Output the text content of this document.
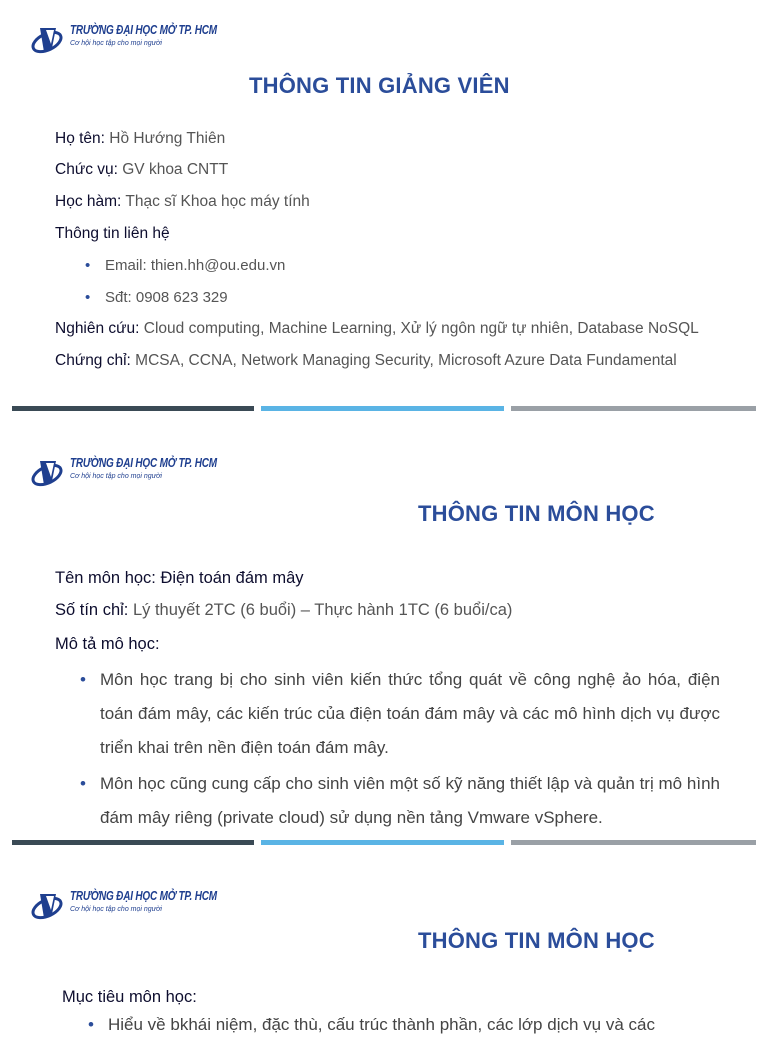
TRƯỜNG ĐẠI HỌC MỞ TP. HCM
Cơ hội học tập cho mọi người
THÔNG TIN GIẢNG VIÊN
Họ tên: Hồ Hướng Thiên
Chức vụ: GV khoa CNTT
Học hàm: Thạc sĩ Khoa học máy tính
Thông tin liên hệ
• Email: thien.hh@ou.edu.vn
• Sđt: 0908 623 329
Nghiên cứu: Cloud computing, Machine Learning, Xử lý ngôn ngữ tự nhiên, Database NoSQL
Chứng chỉ: MCSA, CCNA, Network Managing Security, Microsoft Azure Data Fundamental
TRƯỜNG ĐẠI HỌC MỞ TP. HCM
Cơ hội học tập cho mọi người
THÔNG TIN MÔN HỌC
Tên môn học: Điện toán đám mây
Số tín chỉ: Lý thuyết 2TC (6 buổi) – Thực hành 1TC (6 buổi/ca)
Mô tả mô học:
• Môn học trang bị cho sinh viên kiến thức tổng quát về công nghệ ảo hóa, điện toán đám mây, các kiến trúc của điện toán đám mây và các mô hình dịch vụ được triển khai trên nền điện toán đám mây.
• Môn học cũng cung cấp cho sinh viên một số kỹ năng thiết lập và quản trị mô hình đám mây riêng (private cloud) sử dụng nền tảng Vmware vSphere.
TRƯỜNG ĐẠI HỌC MỞ TP. HCM
Cơ hội học tập cho mọi người
THÔNG TIN MÔN HỌC
Mục tiêu môn học:
• Hiểu về bkhái niệm, đặc thù, cấu trúc thành phần, các lớp dịch vụ và các
